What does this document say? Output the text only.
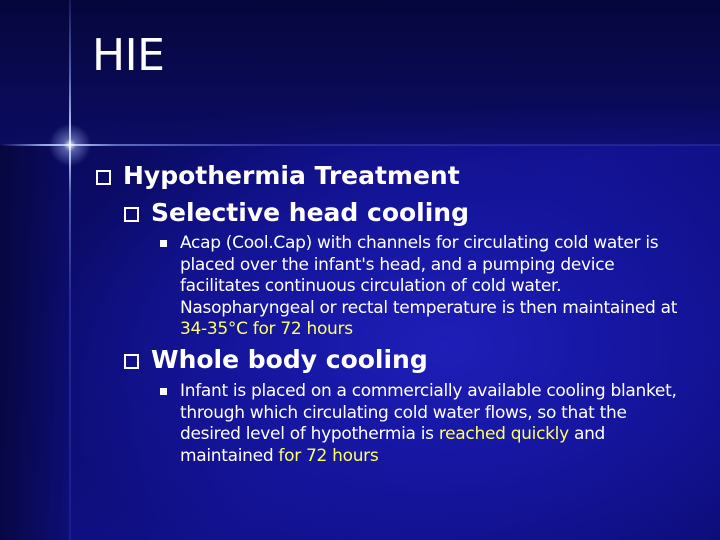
HIE
Hypothermia Treatment
Selective head cooling
Acap (Cool.Cap) with channels for circulating cold water is placed over the infant's head, and a pumping device facilitates continuous circulation of cold water. Nasopharyngeal or rectal temperature is then maintained at 34-35°C for 72 hours
Whole body cooling
Infant is placed on a commercially available cooling blanket, through which circulating cold water flows, so that the desired level of hypothermia is reached quickly and maintained for 72 hours
